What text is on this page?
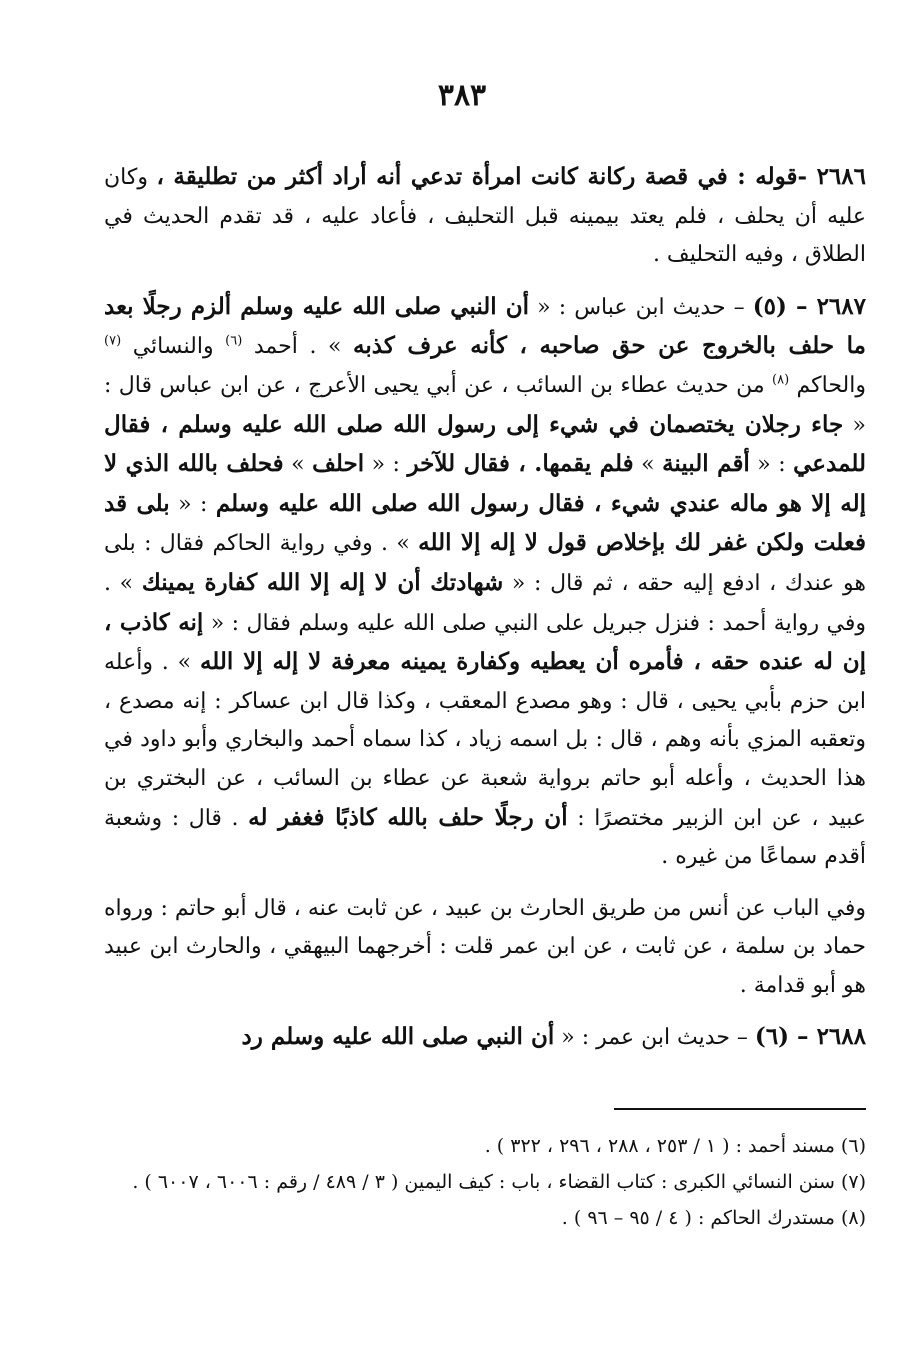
٣٨٣

٢٦٨٦ -قوله : في قصة ركانة كانت امرأة تدعي أنه أراد أكثر من تطليقة ، وكان عليه أن يحلف ، فلم يعتد بيمينه قبل التحليف ، فأعاد عليه ، قد تقدم الحديث في الطلاق ، وفيه التحليف .

٢٦٨٧ – (٥) – حديث ابن عباس : « أن النبي صلى الله عليه وسلم ألزم رجلًا بعد ما حلف بالخروج عن حق صاحبه ، كأنه عرف كذبه » . أحمد $^{(٦)}$ والنسائي $^{(٧)}$ والحاكم $^{(٨)}$ من حديث عطاء بن السائب ، عن أبي يحيى الأعرج ، عن ابن عباس قال : « جاء رجلان يختصمان في شيء إلى رسول الله صلى الله عليه وسلم ، فقال للمدعي : « أقم البينة » فلم يقمها. ، فقال للآخر : « احلف » فحلف بالله الذي لا إله إلا هو ماله عندي شيء ، فقال رسول الله صلى الله عليه وسلم : « بلى قد فعلت ولكن غفر لك بإخلاص قول لا إله إلا الله » . وفي رواية الحاكم فقال : بلى هو عندك ، ادفع إليه حقه ، ثم قال : « شهادتك أن لا إله إلا الله كفارة يمينك » . وفي رواية أحمد : فنزل جبريل على النبي صلى الله عليه وسلم فقال : « إنه كاذب ، إن له عنده حقه ، فأمره أن يعطيه وكفارة يمينه معرفة لا إله إلا الله » . وأعله ابن حزم بأبي يحيى ، قال : وهو مصدع المعقب ، وكذا قال ابن عساكر : إنه مصدع ، وتعقبه المزي بأنه وهم ، قال : بل اسمه زياد ، كذا سماه أحمد والبخاري وأبو داود في هذا الحديث ، وأعله أبو حاتم برواية شعبة عن عطاء بن السائب ، عن البختري بن عبيد ، عن ابن الزبير مختصرًا : أن رجلًا حلف بالله كاذبًا فغفر له . قال : وشعبة أقدم سماعًا من غيره .

وفي الباب عن أنس من طريق الحارث بن عبيد ، عن ثابت عنه ، قال أبو حاتم : ورواه حماد بن سلمة ، عن ثابت ، عن ابن عمر قلت : أخرجهما البيهقي ، والحارث ابن عبيد هو أبو قدامة .

٢٦٨٨ – (٦) – حديث ابن عمر : « أن النبي صلى الله عليه وسلم رد

(٦) مسند أحمد : ( ١ / ٢٥٣ ، ٢٨٨ ، ٢٩٦ ، ٣٢٢ ) .

(٧) سنن النسائي الكبرى : كتاب القضاء ، باب : كيف اليمين ( ٣ / ٤٨٩ / رقم : ٦٠٠٦ ، ٦٠٠٧ ) .

(٨) مستدرك الحاكم : ( ٤ / ٩٥ – ٩٦ ) .
